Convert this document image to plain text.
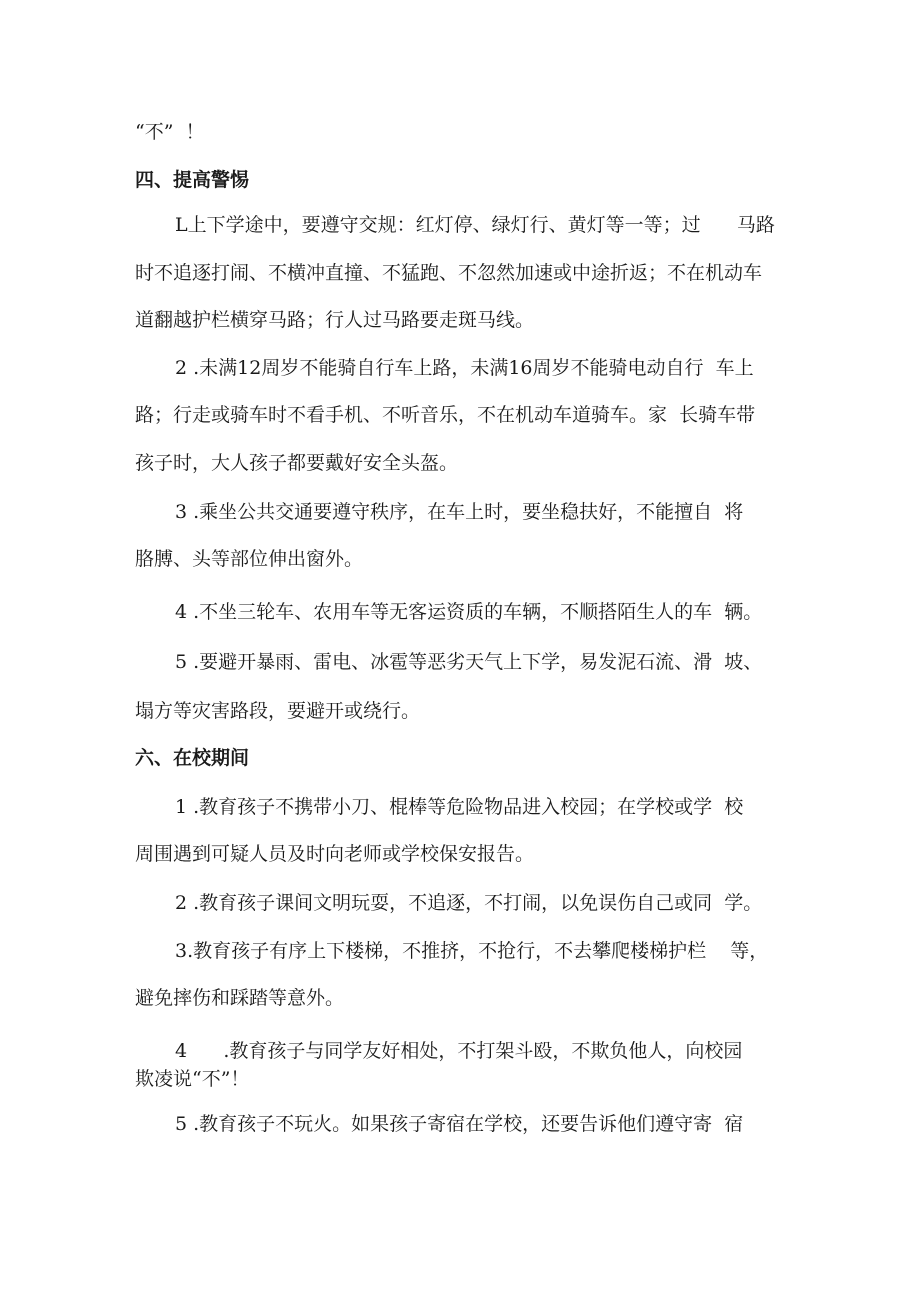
“不”  ！
四、提高警惕
L上下学途中，要遵守交规：红灯停、绿灯行、黄灯等一等；过      马路
时不追逐打闹、不横冲直撞、不猛跑、不忽然加速或中途折返；不在机动车
道翻越护栏横穿马路；行人过马路要走斑马线。
2 .未满12周岁不能骑自行车上路，未满16周岁不能骑电动自行  车上
路；行走或骑车时不看手机、不听音乐，不在机动车道骑车。家  长骑车带
孩子时，大人孩子都要戴好安全头盔。
3 .乘坐公共交通要遵守秩序，在车上时，要坐稳扶好，不能擅自  将
胳膊、头等部位伸出窗外。
4 .不坐三轮车、农用车等无客运资质的车辆，不顺搭陌生人的车  辆。
5 .要避开暴雨、雷电、冰雹等恶劣天气上下学，易发泥石流、滑  坡、
塌方等灾害路段，要避开或绕行。
六、在校期间
1 .教育孩子不携带小刀、棍棒等危险物品进入校园；在学校或学  校
周围遇到可疑人员及时向老师或学校保安报告。
2 .教育孩子课间文明玩耍，不追逐，不打闹，以免误伤自己或同  学。
3.教育孩子有序上下楼梯，不推挤，不抢行，不去攀爬楼梯护栏    等，
避免摔伤和踩踏等意外。
4      .教育孩子与同学友好相处，不打架斗殴，不欺负他人，向校园
欺凌说“不”！
5 .教育孩子不玩火。如果孩子寄宿在学校，还要告诉他们遵守寄  宿
